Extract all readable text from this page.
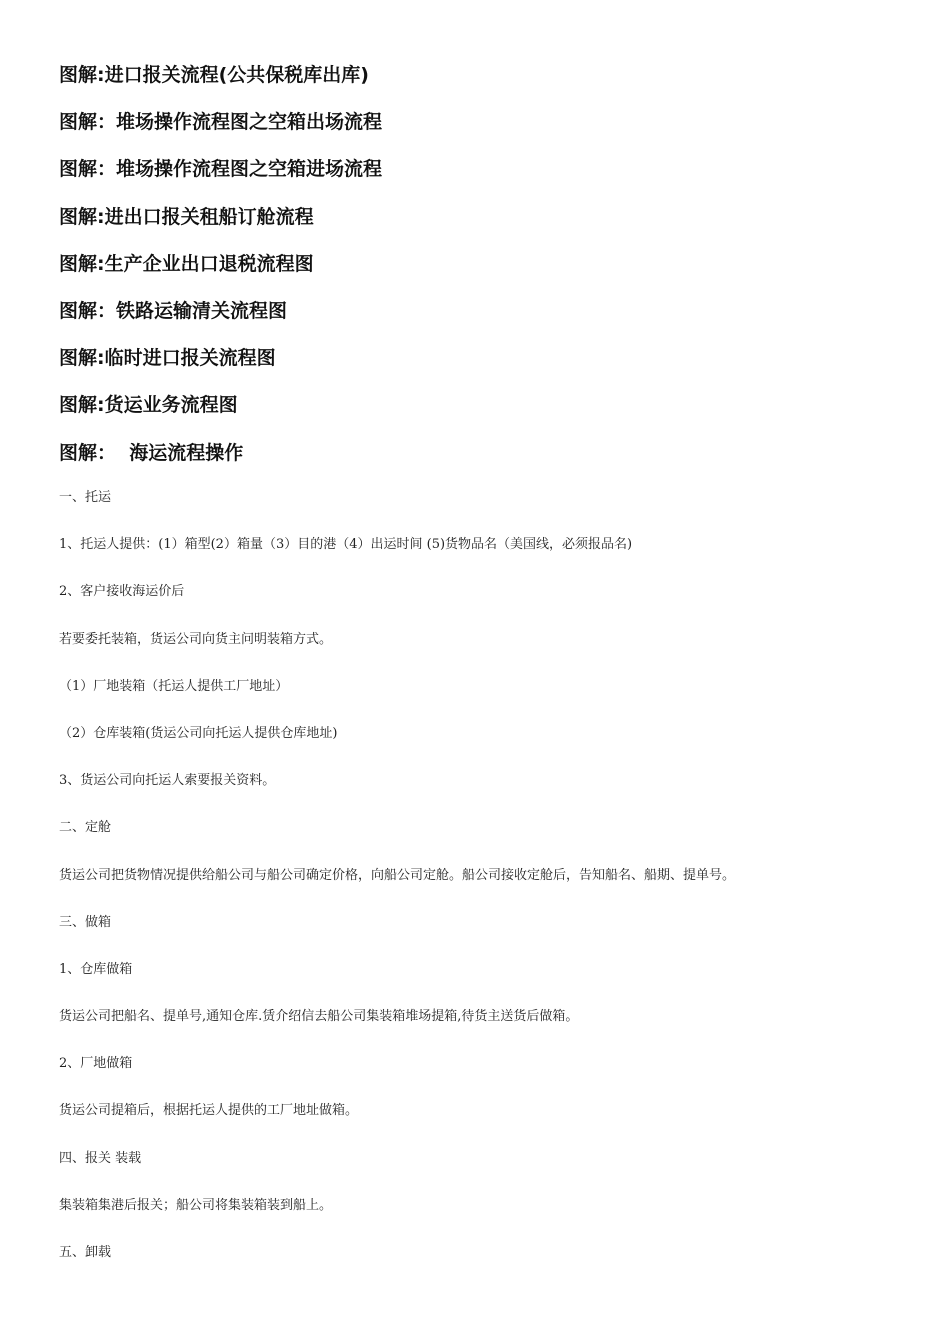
图解:进口报关流程(公共保税库出库)
图解：堆场操作流程图之空箱出场流程
图解：堆场操作流程图之空箱进场流程
图解:进出口报关租船订舱流程
图解:生产企业出口退税流程图
图解：铁路运输清关流程图
图解:临时进口报关流程图
图解:货运业务流程图
图解：  海运流程操作
一、托运
1、托运人提供：(1）箱型(2）箱量（3）目的港（4）出运时间 (5)货物品名（美国线，必须报品名)
2、客户接收海运价后
若要委托装箱，货运公司向货主问明装箱方式。
（1）厂地装箱（托运人提供工厂地址）
（2）仓库装箱(货运公司向托运人提供仓库地址)
3、货运公司向托运人索要报关资料。
二、定舱
货运公司把货物情况提供给船公司与船公司确定价格，向船公司定舱。船公司接收定舱后，告知船名、船期、提单号。
三、做箱
1、仓库做箱
货运公司把船名、提单号,通知仓库.赁介绍信去船公司集装箱堆场提箱,待货主送货后做箱。
2、厂地做箱
货运公司提箱后，根据托运人提供的工厂地址做箱。
四、报关 装载
集装箱集港后报关；船公司将集装箱装到船上。
五、卸载
